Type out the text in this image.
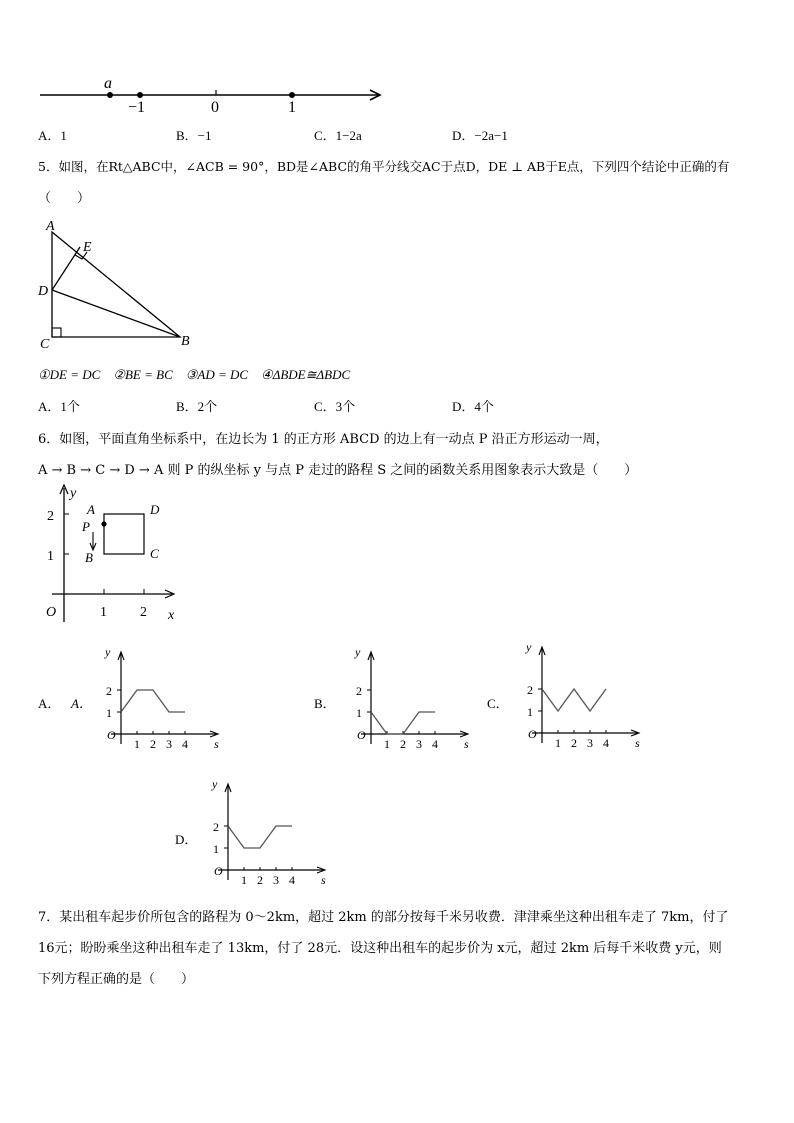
a
−1	0	1
A．1	B．−1	C．1−2a	D．−2a−1
5．如图，在Rt△ABC中，∠ACB = 90°，BD是∠ABC的角平分线交AC于点D，DE ⊥ AB于E点，下列四个结论中正确的有
（　　）
A
E
D
C	B
①DE = DC　②BE = BC　③AD = DC　④ΔBDE≅ΔBDC
A．1个	B．2个	C．3个	D．4个
6．如图，平面直角坐标系中，在边长为 1 的正方形 ABCD 的边上有一动点 P 沿正方形运动一周，
A → B → C → D → A 则 P 的纵坐标 y 与点 P 走过的路程 S 之间的函数关系用图象表示大致是（　　）
y
x
O	1 2
1
2	A	D
B	C
P
A． A．	B．	C．
D．
y
s
O
1
2
1 2 3 4
y
s
O
1
2
1 2 3 4
y
s
O
1
2
1 2 3 4
y
s
O
1
2
1 2 3 4
7．某出租车起步价所包含的路程为 0～2km，超过 2km 的部分按每千米另收费．津津乘坐这种出租车走了 7km，付了
16元；盼盼乘坐这种出租车走了 13km，付了 28元．设这种出租车的起步价为 x元，超过 2km 后每千米收费 y元，则
下列方程正确的是（　　）
